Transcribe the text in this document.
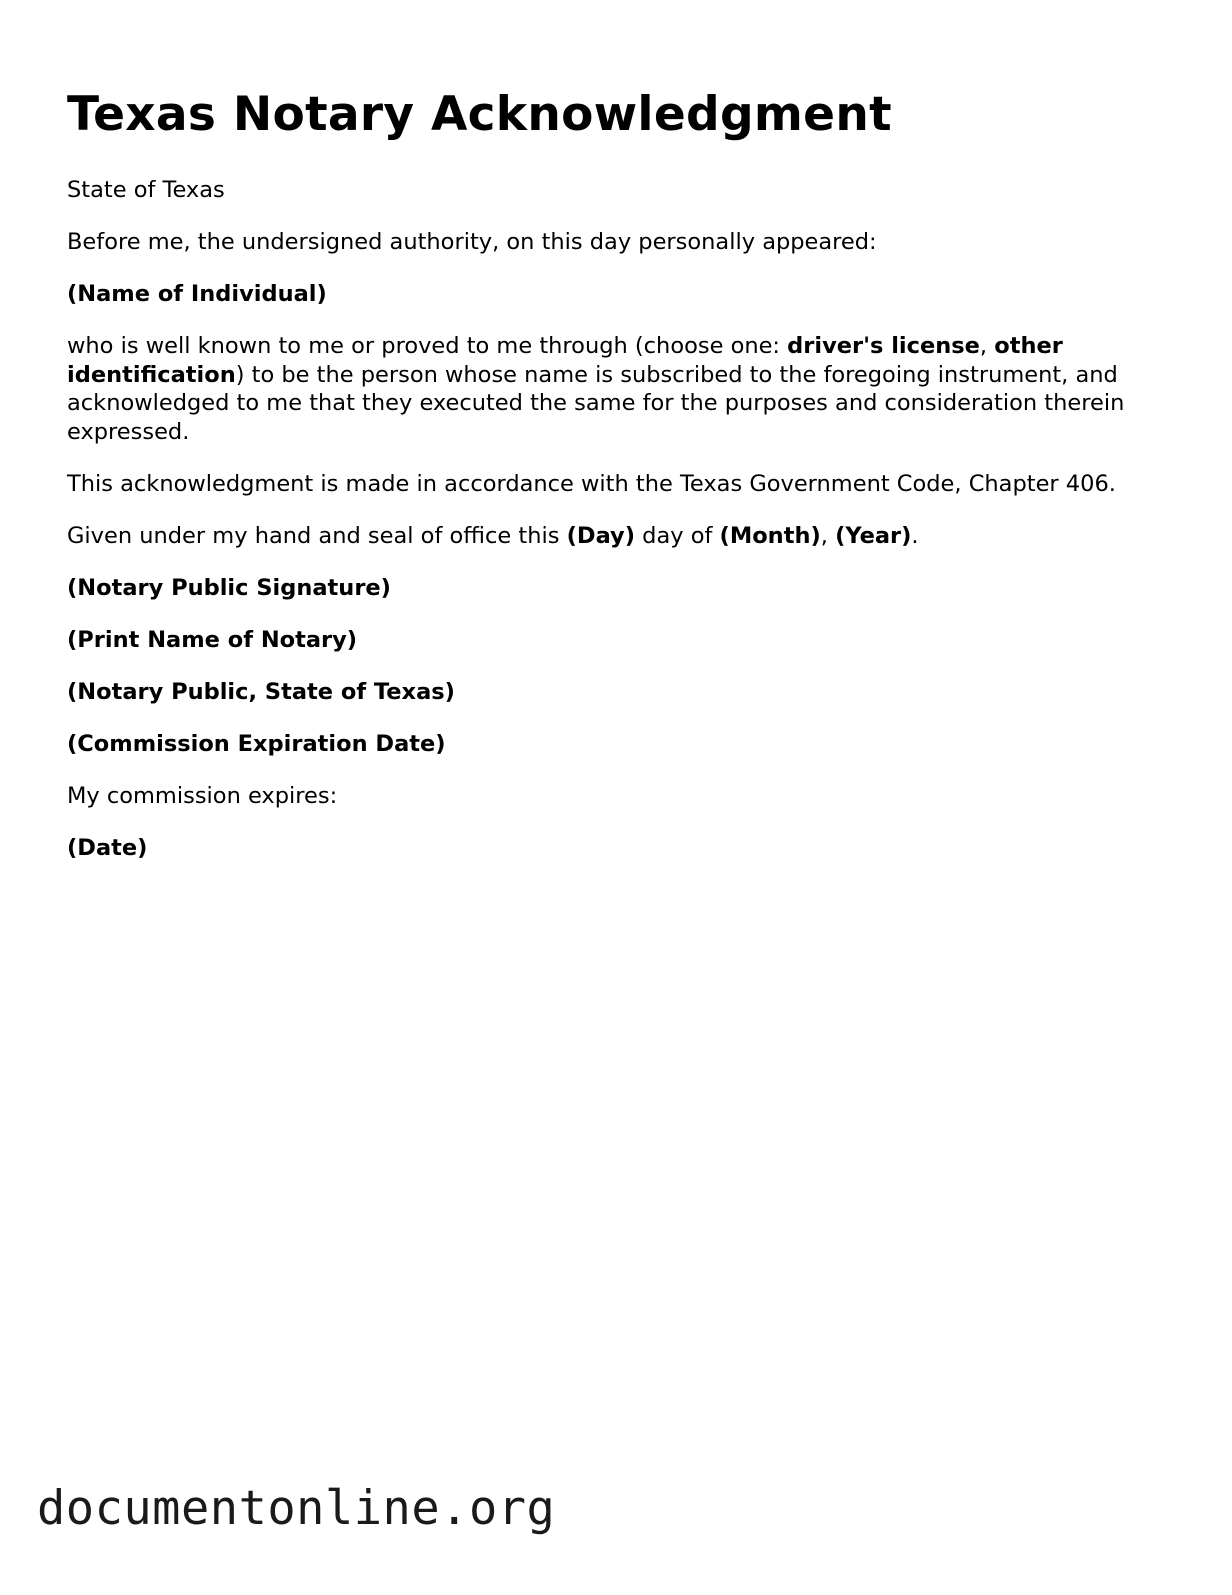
Texas Notary Acknowledgment

State of Texas

Before me, the undersigned authority, on this day personally appeared:

(Name of Individual)

who is well known to me or proved to me through (choose one: driver's license, other identification) to be the person whose name is subscribed to the foregoing instrument, and acknowledged to me that they executed the same for the purposes and consideration therein expressed.

This acknowledgment is made in accordance with the Texas Government Code, Chapter 406.

Given under my hand and seal of office this (Day) day of (Month), (Year).

(Notary Public Signature)

(Print Name of Notary)

(Notary Public, State of Texas)

(Commission Expiration Date)

My commission expires:

(Date)

documentonline.org
